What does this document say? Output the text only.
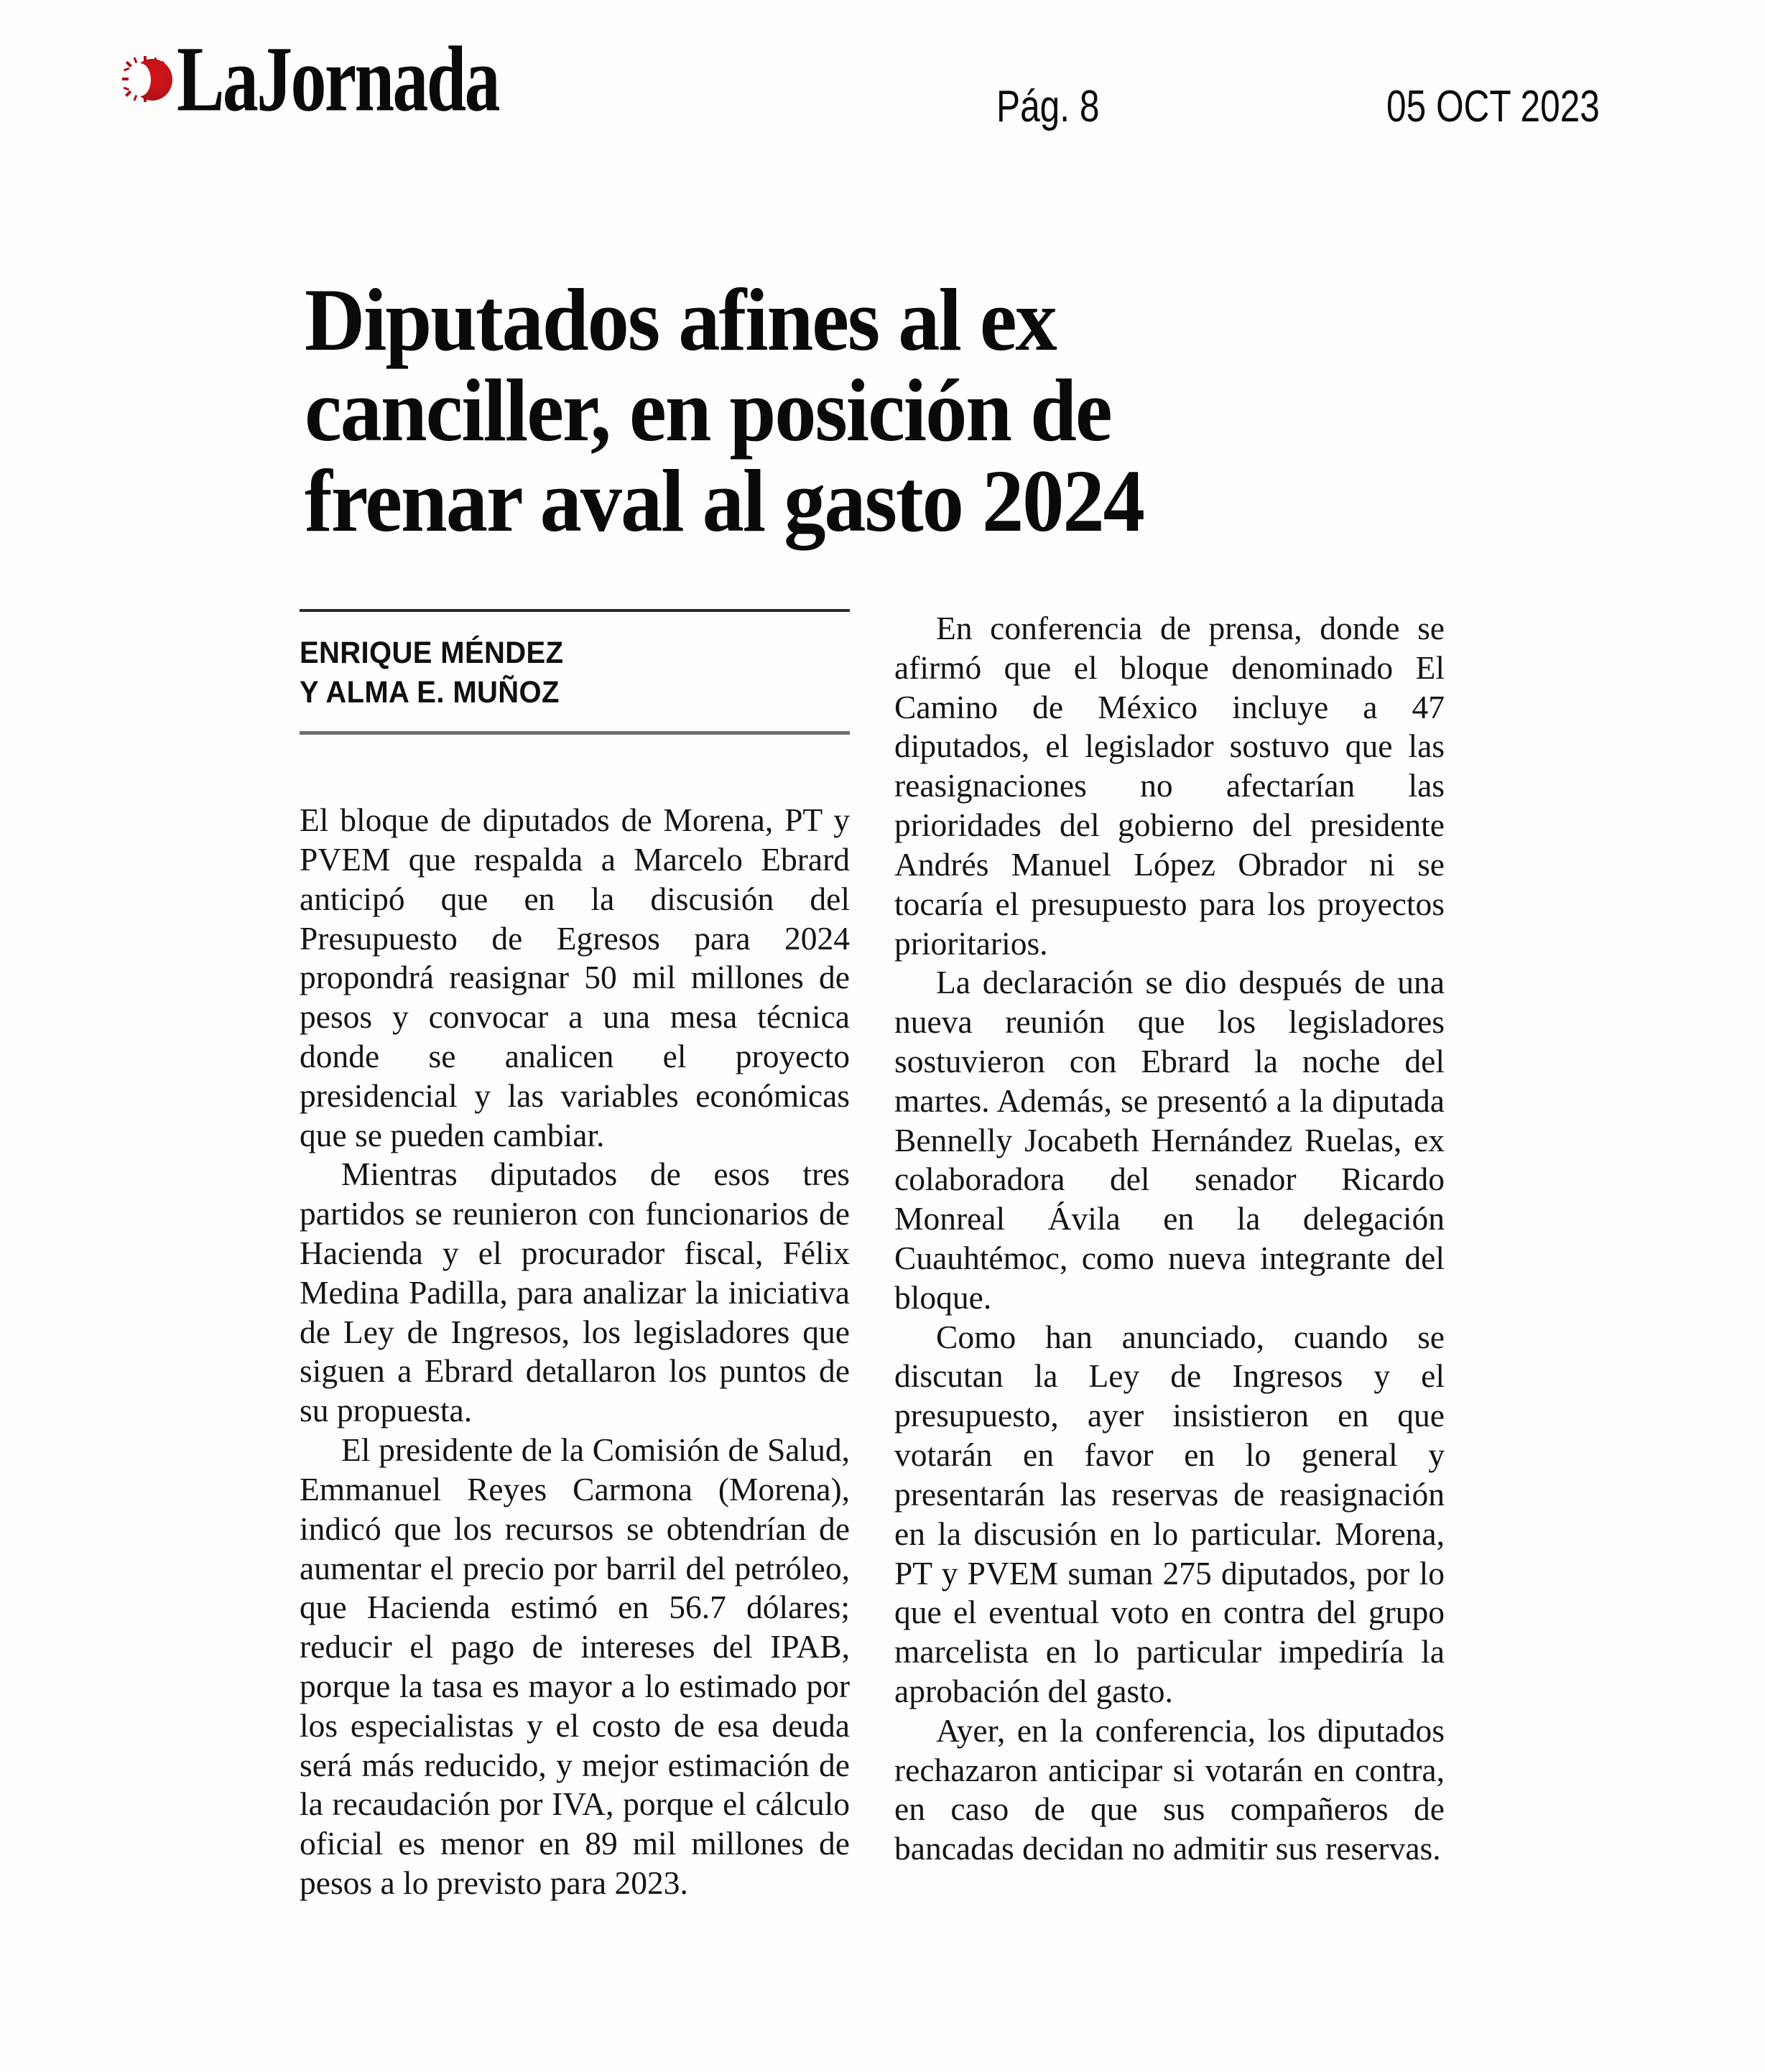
LaJornada	Pág. 8	05 OCT 2023
Diputados afines al ex
canciller, en posición de
frenar aval al gasto 2024
ENRIQUE MÉNDEZ
Y ALMA E. MUÑOZ

El bloque de diputados de Morena, PT y PVEM que respalda a Marcelo Ebrard anticipó que en la discusión del Presupuesto de Egresos para 2024 propondrá reasignar 50 mil millones de pesos y convocar a una mesa técnica donde se analicen el proyecto presidencial y las variables económicas que se pueden cambiar.

Mientras diputados de esos tres partidos se reunieron con funcionarios de Hacienda y el procurador fiscal, Félix Medina Padilla, para analizar la iniciativa de Ley de Ingresos, los legisladores que siguen a Ebrard detallaron los puntos de su propuesta.

El presidente de la Comisión de Salud, Emmanuel Reyes Carmona (Morena), indicó que los recursos se obtendrían de aumentar el precio por barril del petróleo, que Hacienda estimó en 56.7 dólares; reducir el pago de intereses del IPAB, porque la tasa es mayor a lo estimado por los especialistas y el costo de esa deuda será más reducido, y mejor estimación de la recaudación por IVA, porque el cálculo oficial es menor en 89 mil millones de pesos a lo previsto para 2023.

En conferencia de prensa, donde se afirmó que el bloque denominado El Camino de México incluye a 47 diputados, el legislador sostuvo que las reasignaciones no afectarían las prioridades del gobierno del presidente Andrés Manuel López Obrador ni se tocaría el presupuesto para los proyectos prioritarios.

La declaración se dio después de una nueva reunión que los legisladores sostuvieron con Ebrard la noche del martes. Además, se presentó a la diputada Bennelly Jocabeth Hernández Ruelas, ex colaboradora del senador Ricardo Monreal Ávila en la delegación Cuauhtémoc, como nueva integrante del bloque.

Como han anunciado, cuando se discutan la Ley de Ingresos y el presupuesto, ayer insistieron en que votarán en favor en lo general y presentarán las reservas de reasignación en la discusión en lo particular. Morena, PT y PVEM suman 275 diputados, por lo que el eventual voto en contra del grupo marcelista en lo particular impediría la aprobación del gasto.

Ayer, en la conferencia, los diputados rechazaron anticipar si votarán en contra, en caso de que sus compañeros de bancadas decidan no admitir sus reservas.
